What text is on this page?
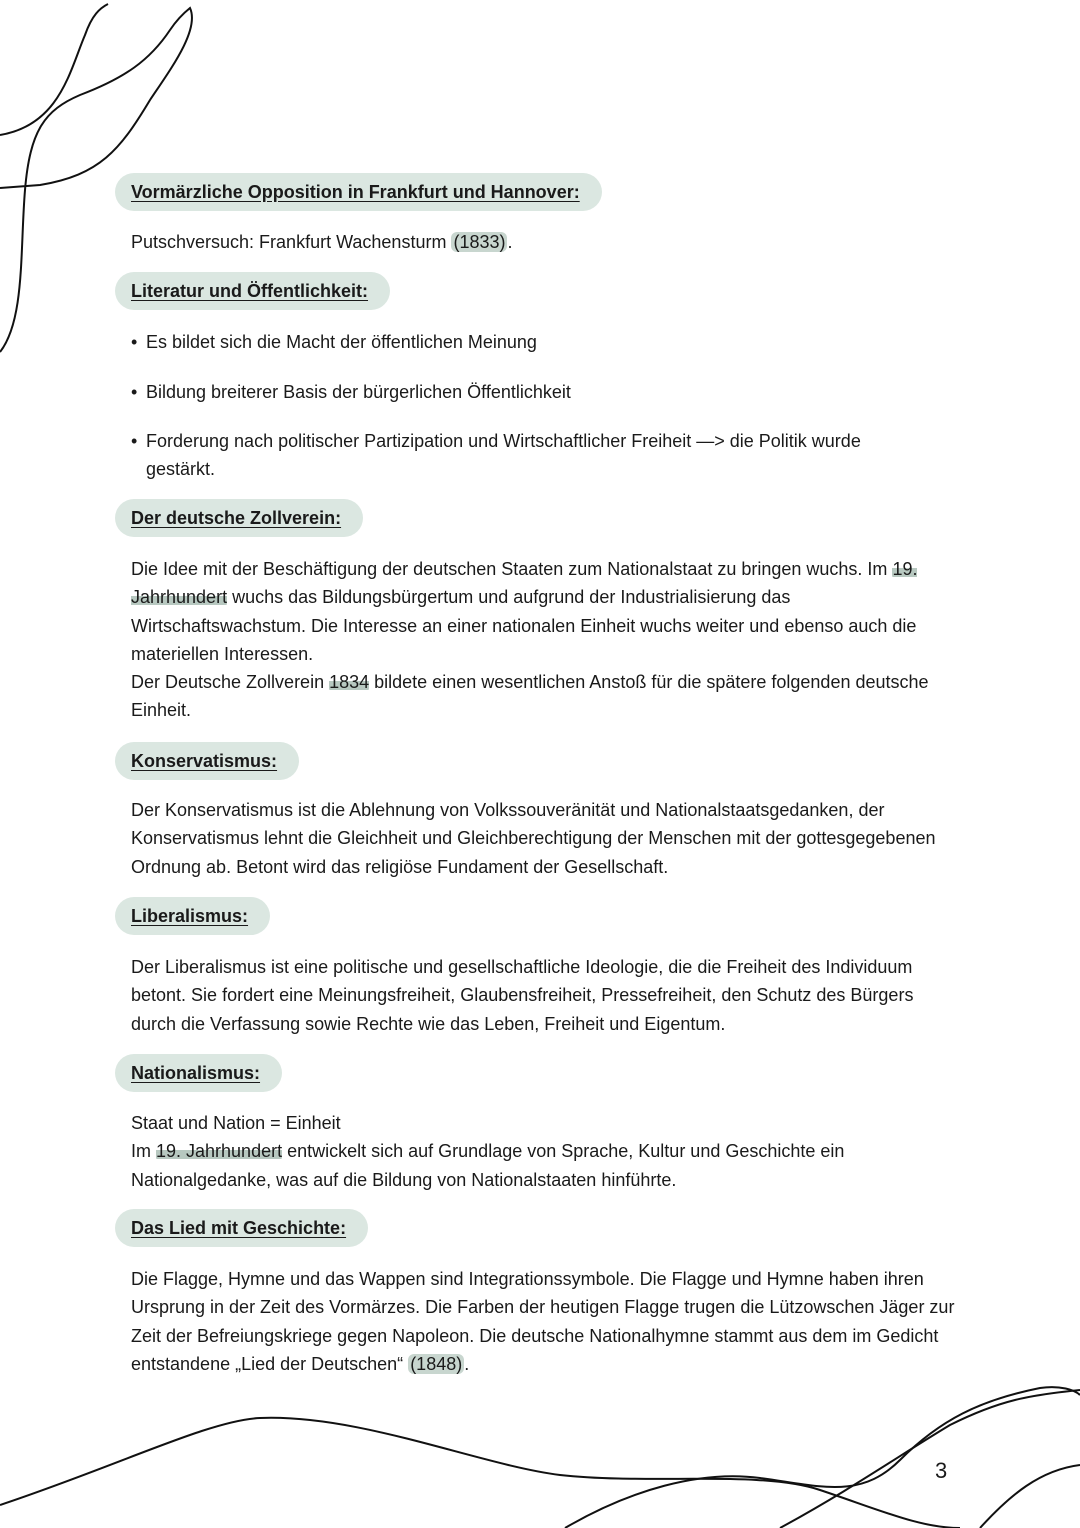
Vormärzliche Opposition in Frankfurt und Hannover:

Putschversuch: Frankfurt Wachensturm (1833) .

Literatur und Öffentlichkeit:

• Es bildet sich die Macht der öffentlichen Meinung

• Bildung breiterer Basis der bürgerlichen Öffentlichkeit

• Forderung nach politischer Partizipation und Wirtschaftlicher Freiheit —> die Politik wurde gestärkt.

Der deutsche Zollverein:

Die Idee mit der Beschäftigung der deutschen Staaten zum Nationalstaat zu bringen wuchs. Im 19. Jahrhundert wuchs das Bildungsbürgertum und aufgrund der Industrialisierung das Wirtschaftswachstum. Die Interesse an einer nationalen Einheit wuchs weiter und ebenso auch die materiellen Interessen.
Der Deutsche Zollverein 1834 bildete einen wesentlichen Anstoß für die spätere folgenden deutsche Einheit.

Konservatismus:

Der Konservatismus ist die Ablehnung von Volkssouveränität und Nationalstaatsgedanken, der Konservatismus lehnt die Gleichheit und Gleichberechtigung der Menschen mit der gottesgegebenen Ordnung ab. Betont wird das religiöse Fundament der Gesellschaft.

Liberalismus:

Der Liberalismus ist eine politische und gesellschaftliche Ideologie, die die Freiheit des Individuum betont. Sie fordert eine Meinungsfreiheit, Glaubensfreiheit, Pressefreiheit, den Schutz des Bürgers durch die Verfassung sowie Rechte wie das Leben, Freiheit und Eigentum.

Nationalismus:

Staat und Nation = Einheit
Im 19. Jahrhundert entwickelt sich auf Grundlage von Sprache, Kultur und Geschichte ein Nationalgedanke, was auf die Bildung von Nationalstaaten hinführte.

Das Lied mit Geschichte:

Die Flagge, Hymne und das Wappen sind Integrationssymbole. Die Flagge und Hymne haben ihren Ursprung in der Zeit des Vormärzes. Die Farben der heutigen Flagge trugen die Lützowschen Jäger zur Zeit der Befreiungskriege gegen Napoleon. Die deutsche Nationalhymne stammt aus dem im Gedicht entstandene „Lied der Deutschen“ (1848) .

3
